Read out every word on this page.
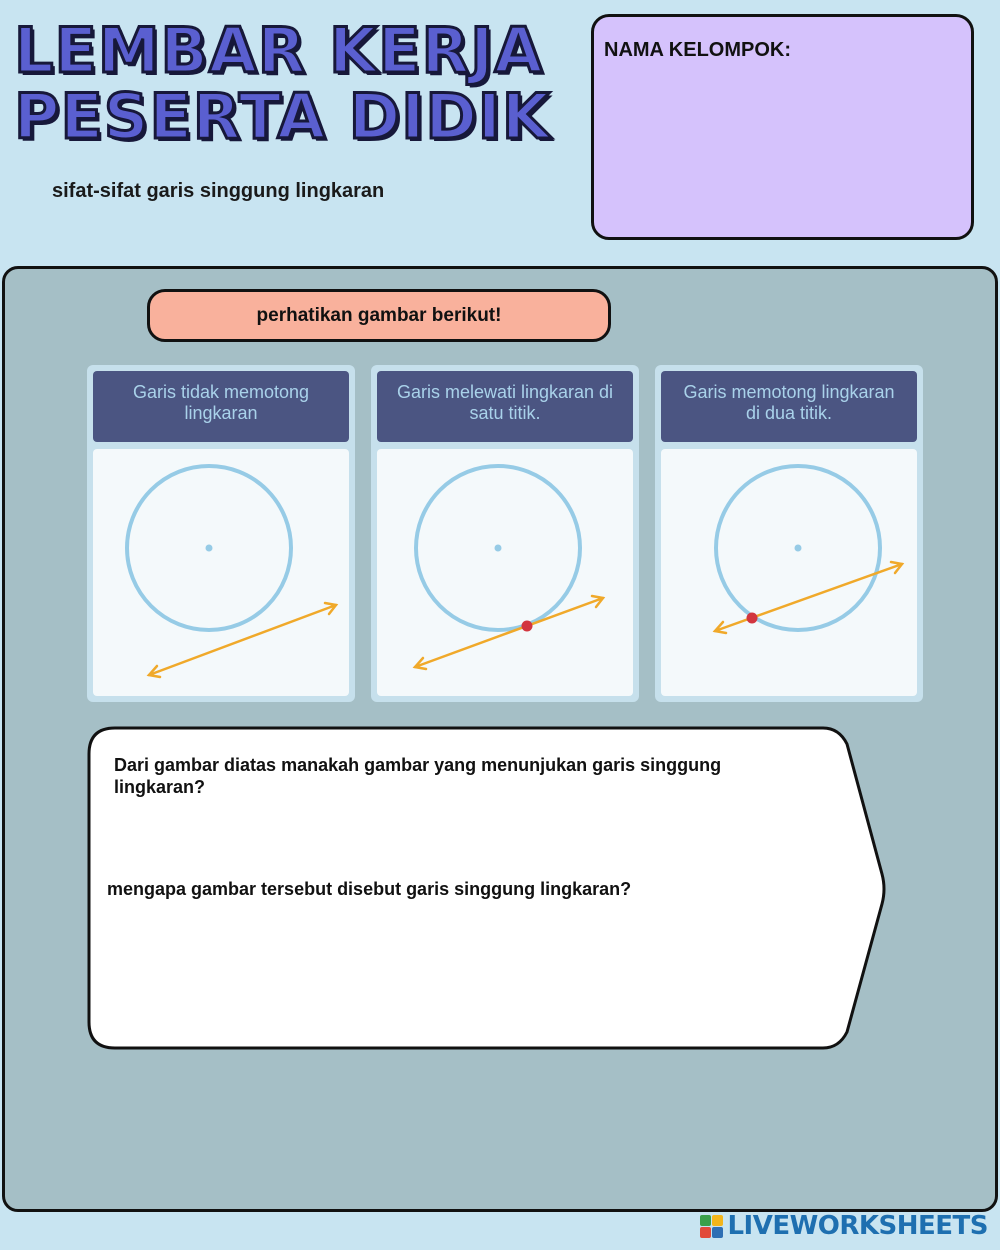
LEMBAR KERJA
PESERTA DIDIK
sifat-sifat garis singgung lingkaran
NAMA KELOMPOK:
perhatikan gambar berikut!
Garis tidak memotong lingkaran
Garis melewati lingkaran di satu titik.
Garis memotong lingkaran di dua titik.
Dari gambar diatas manakah gambar yang menunjukan garis singgung lingkaran?
mengapa gambar tersebut disebut garis singgung lingkaran?
LIVEWORKSHEETS
